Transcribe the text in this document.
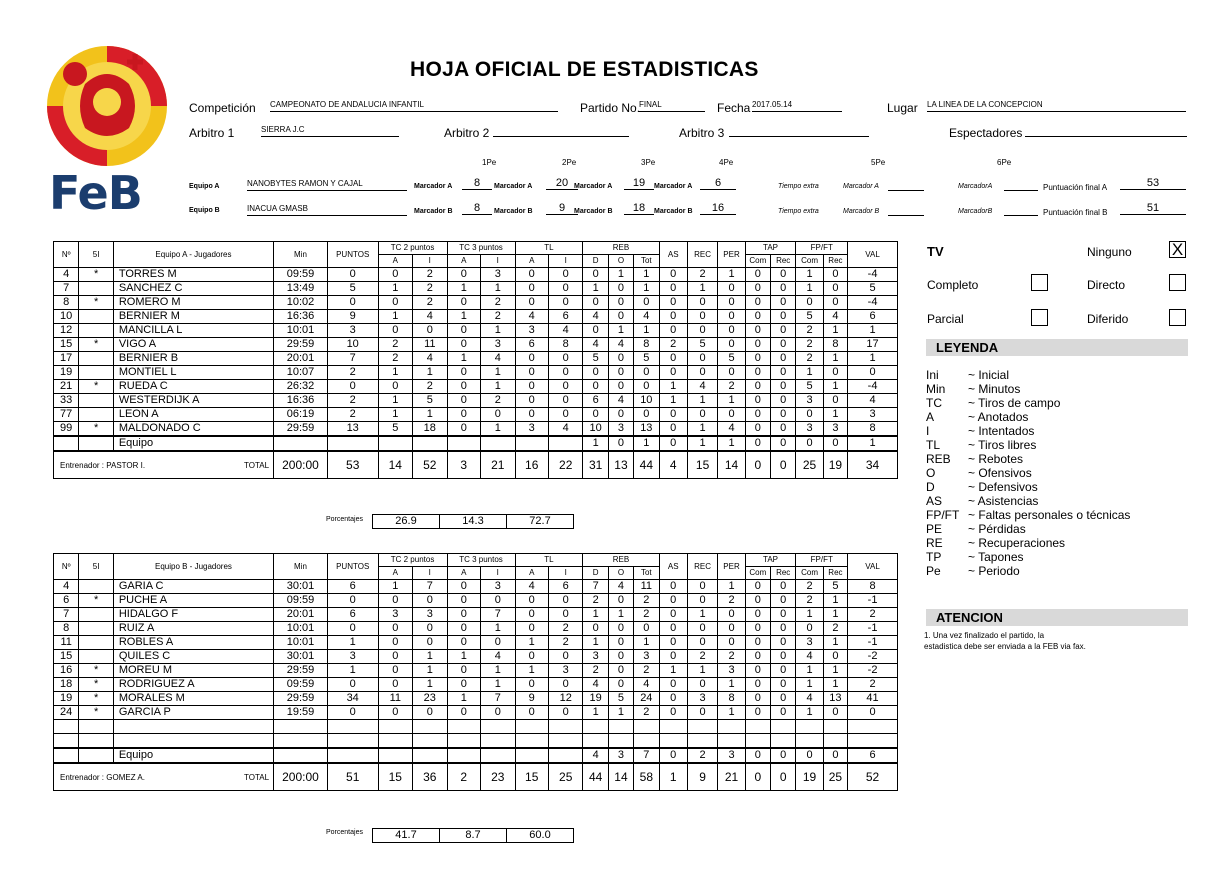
FeB
HOJA OFICIAL DE ESTADISTICAS
Competición CAMPEONATO DE ANDALUCIA INFANTIL	Partido No.
FINAL	Fecha 2017.05.14	Lugar LA LINEA DE LA CONCEPCION
Arbitro 1	SIERRA J.C	Arbitro 2	Arbitro 3	Espectadores
1Pe	2Pe	3Pe	4Pe	5Pe	6Pe
Equipo A	NANOBYTES RAMON Y CAJAL	Marcador A	8	Marcador A	20 Marcador A	19	Marcador A	6	Tiempo extra	Marcador A	MarcadorA	Puntuación final A	53
Equipo B	INACUA GMASB	Marcador B	8	Marcador B	9	Marcador B	18	Marcador B	16	Tiempo extra	Marcador B	MarcadorB	Puntuación final B	51
Nº	5I	Equipo A - Jugadores	Min	PUNTOS	TC 2 puntos		TC 3 puntos		TL		REB			AS	REC	PER	TAP		FP/FT		VAL
					A	I	A	I	A	I	D	O	Tot				Com	Rec	Com	Rec	
4	*	TORRES M	09:59	0	0	2	0	3	0	0	0	1	1	0	2	1	0	0	1	0	-4
7		SANCHEZ C	13:49	5	1	2	1	1	0	0	1	0	1	0	1	0	0	0	1	0	5
8	*	ROMERO M	10:02	0	0	2	0	2	0	0	0	0	0	0	0	0	0	0	0	0	-4
10		BERNIER M	16:36	9	1	4	1	2	4	6	4	0	4	0	0	0	0	0	5	4	6
12		MANCILLA L	10:01	3	0	0	0	1	3	4	0	1	1	0	0	0	0	0	2	1	1
15	*	VIGO A	29:59	10	2	11	0	3	6	8	4	4	8	2	5	0	0	0	2	8	17
17		BERNIER B	20:01	7	2	4	1	4	0	0	5	0	5	0	0	5	0	0	2	1	1
19		MONTIEL L	10:07	2	1	1	0	1	0	0	0	0	0	0	0	0	0	0	1	0	0
21	*	RUEDA C	26:32	0	0	2	0	1	0	0	0	0	0	1	4	2	0	0	5	1	-4
33		WESTERDIJK A	16:36	2	1	5	0	2	0	0	6	4	10	1	1	1	0	0	3	0	4
77		LEON A	06:19	2	1	1	0	0	0	0	0	0	0	0	0	0	0	0	0	1	3
99	*	MALDONADO C	29:59	13	5	18	0	1	3	4	10	3	13	0	1	4	0	0	3	3	8
		Equipo									1	0	1	0	1	1	0	0	0	0	1
Entrenador : PASTOR I. TOTAL			200:00	53	14	52	3	21	16	22	31	13	44	4	15	14	0	0	25	19	34
Porcentajes	26.9	14.3	72.7
Nº	5I	Equipo B - Jugadores	Min	PUNTOS	TC 2 puntos		TC 3 puntos		TL		REB			AS	REC	PER	TAP		FP/FT		VAL
					A	I	A	I	A	I	D	O	Tot				Com	Rec	Com	Rec	
4		GARIA C	30:01	6	1	7	0	3	4	6	7	4	11	0	0	1	0	0	2	5	8
6	*	PUCHE A	09:59	0	0	0	0	0	0	0	2	0	2	0	0	2	0	0	2	1	-1
7		HIDALGO F	20:01	6	3	3	0	7	0	0	1	1	2	0	1	0	0	0	1	1	2
8		RUIZ A	10:01	0	0	0	0	1	0	2	0	0	0	0	0	0	0	0	0	2	-1
11		ROBLES A	10:01	1	0	0	0	0	1	2	1	0	1	0	0	0	0	0	3	1	-1
15		QUILES C	30:01	3	0	1	1	4	0	0	3	0	3	0	2	2	0	0	4	0	-2
16	*	MOREU M	29:59	1	0	1	0	1	1	3	2	0	2	1	1	3	0	0	1	1	-2
18	*	RODRIGUEZ A	09:59	0	0	1	0	1	0	0	4	0	4	0	0	1	0	0	1	1	2
19	*	MORALES M	29:59	34	11	23	1	7	9	12	19	5	24	0	3	8	0	0	4	13	41
24	*	GARCIA P	19:59	0	0	0	0	0	0	0	1	1	2	0	0	1	0	0	1	0	0

		Equipo									4	3	7	0	2	3	0	0	0	0	6
Entrenador : GOMEZ A. TOTAL			200:00	51	15	36	2	23	15	25	44	14	58	1	9	21	0	0	19	25	52
Porcentajes	41.7	8.7	60.0
TV	Ninguno X
Completo	Directo
Parcial	Diferido
LEYENDA
Ini ~ Inicial
Min ~ Minutos
TC ~ Tiros de campo
A	~ Anotados
I	~ Intentados
TL ~ Tiros libres
REB ~ Rebotes
O	~ Ofensivos
D	~ Defensivos
AS ~ Asistencias
FP/FT ~ Faltas personales o técnicas
PE ~ Pérdidas
RE ~ Recuperaciones
TP ~ Tapones
Pe ~ Periodo
ATENCION
1. Una vez finalizado el partido, la
estadistica debe ser enviada a la FEB via fax.
